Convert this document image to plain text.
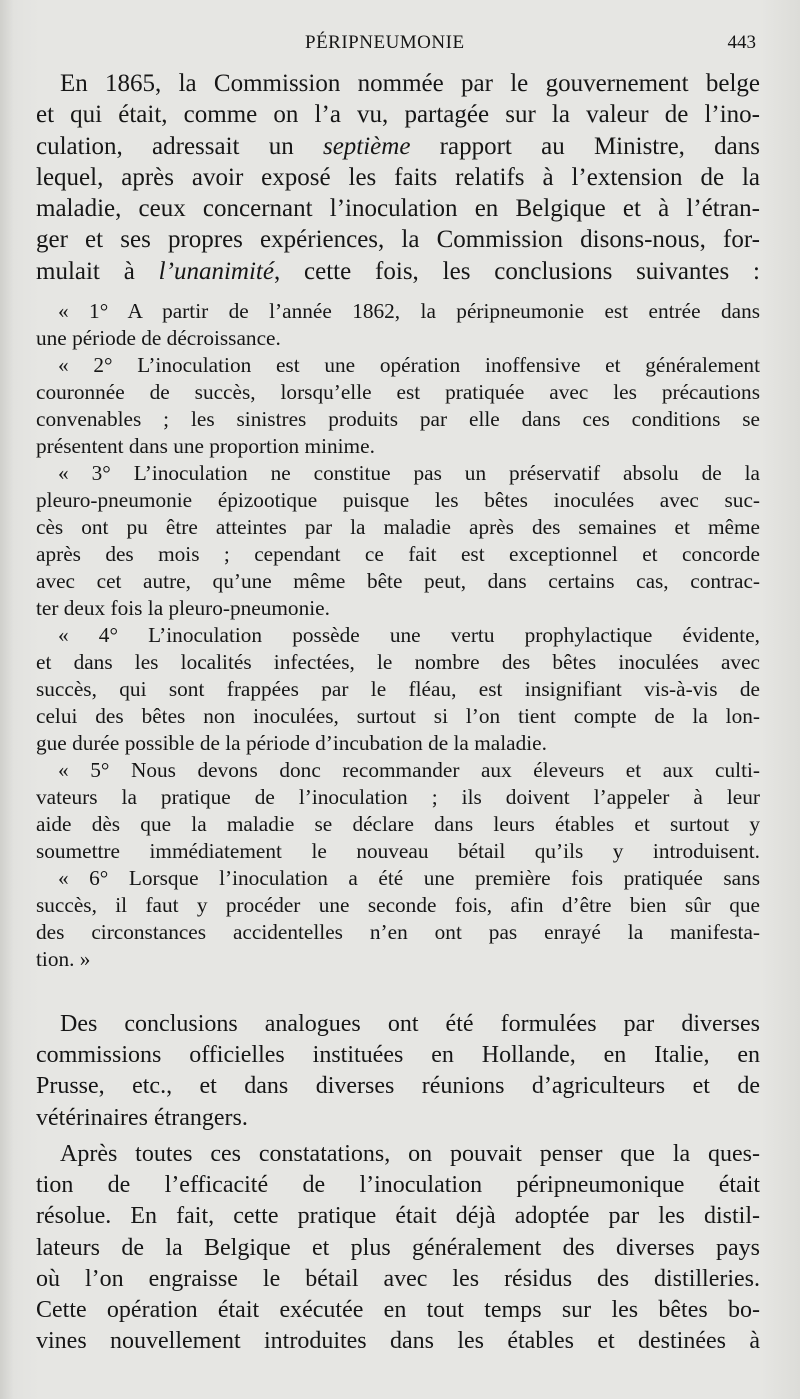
PÉRIPNEUMONIE	443
En 1865, la Commission nommée par le gouvernement belge
et qui était, comme on l’a vu, partagée sur la valeur de l’ino-
culation, adressait un septième rapport au Ministre, dans
lequel, après avoir exposé les faits relatifs à l’extension de la
maladie, ceux concernant l’inoculation en Belgique et à l’étran-
ger et ses propres expériences, la Commission disons-nous, for-
mulait à l’unanimité, cette fois, les conclusions suivantes :
« 1° A partir de l’année 1862, la péripneumonie est entrée dans
une période de décroissance.
« 2° L’inoculation est une opération inoffensive et généralement
couronnée de succès, lorsqu’elle est pratiquée avec les précautions
convenables ; les sinistres produits par elle dans ces conditions se
présentent dans une proportion minime.
« 3° L’inoculation ne constitue pas un préservatif absolu de la
pleuro-pneumonie épizootique puisque les bêtes inoculées avec suc-
cès ont pu être atteintes par la maladie après des semaines et même
après des mois ; cependant ce fait est exceptionnel et concorde
avec cet autre, qu’une même bête peut, dans certains cas, contrac-
ter deux fois la pleuro-pneumonie.
« 4° L’inoculation possède une vertu prophylactique évidente,
et dans les localités infectées, le nombre des bêtes inoculées avec
succès, qui sont frappées par le fléau, est insignifiant vis-à-vis de
celui des bêtes non inoculées, surtout si l’on tient compte de la lon-
gue durée possible de la période d’incubation de la maladie.
« 5° Nous devons donc recommander aux éleveurs et aux culti-
vateurs la pratique de l’inoculation ; ils doivent l’appeler à leur
aide dès que la maladie se déclare dans leurs étables et surtout y
soumettre immédiatement le nouveau bétail qu’ils y introduisent.
« 6° Lorsque l’inoculation a été une première fois pratiquée sans
succès, il faut y procéder une seconde fois, afin d’être bien sûr que
des circonstances accidentelles n’en ont pas enrayé la manifesta-
tion. »
Des conclusions analogues ont été formulées par diverses
commissions officielles instituées en Hollande, en Italie, en
Prusse, etc., et dans diverses réunions d’agriculteurs et de
vétérinaires étrangers.
Après toutes ces constatations, on pouvait penser que la ques-
tion de l’efficacité de l’inoculation péripneumonique était
résolue. En fait, cette pratique était déjà adoptée par les distil-
lateurs de la Belgique et plus généralement des diverses pays
où l’on engraisse le bétail avec les résidus des distilleries.
Cette opération était exécutée en tout temps sur les bêtes bo-
vines nouvellement introduites dans les étables et destinées à
